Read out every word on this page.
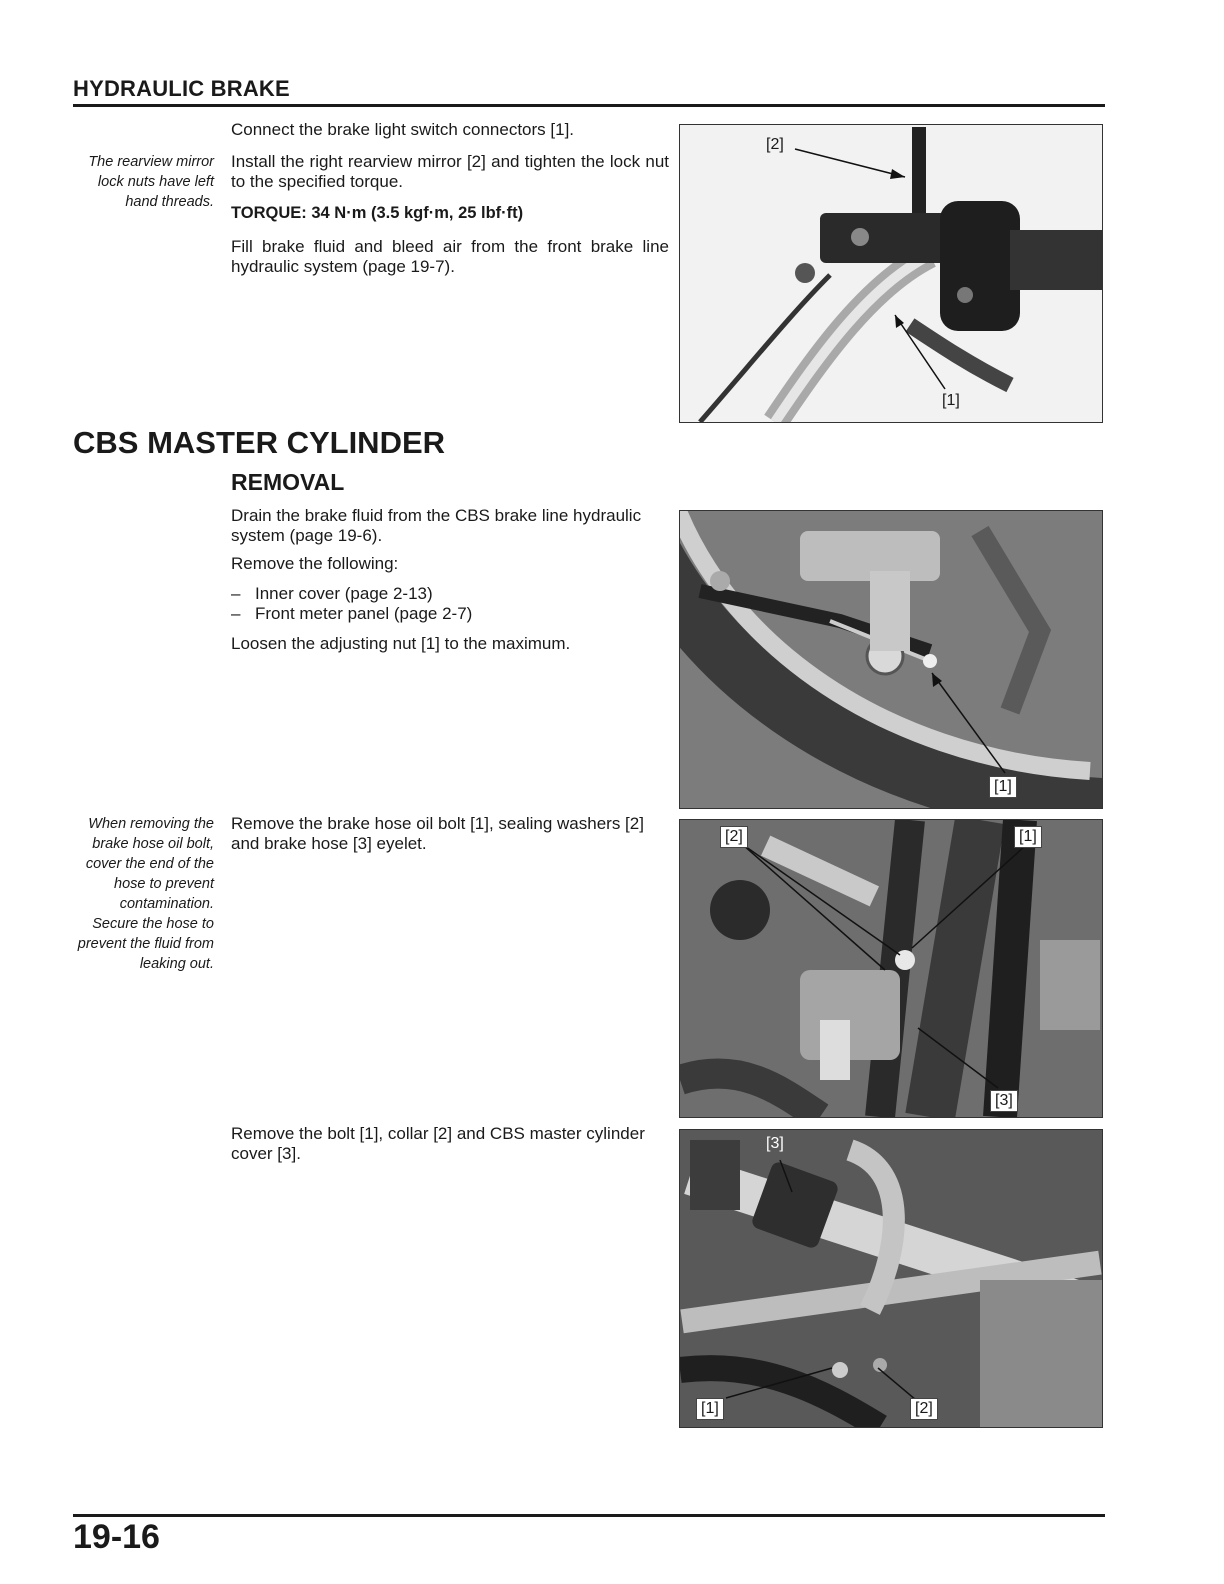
HYDRAULIC BRAKE
Connect the brake light switch connectors [1].
The rearview mirror lock nuts have left hand threads.
Install the right rearview mirror [2] and tighten the lock nut to the specified torque.
TORQUE: 34 N·m (3.5 kgf·m, 25 lbf·ft)
Fill brake fluid and bleed air from the front brake line hydraulic system (page 19-7).
[2]
[1]
CBS MASTER CYLINDER
REMOVAL
Drain the brake fluid from the CBS brake line hydraulic system (page 19-6).
Remove the following:
– Inner cover (page 2-13)
– Front meter panel (page 2-7)
Loosen the adjusting nut [1] to the maximum.
[1]
When removing the brake hose oil bolt, cover the end of the hose to prevent contamination. Secure the hose to prevent the fluid from leaking out.
Remove the brake hose oil bolt [1], sealing washers [2] and brake hose [3] eyelet.	[2]	[1]
[3]
Remove the bolt [1], collar [2] and CBS master cylinder cover [3].
[3]
[1]	[2]
19-16
